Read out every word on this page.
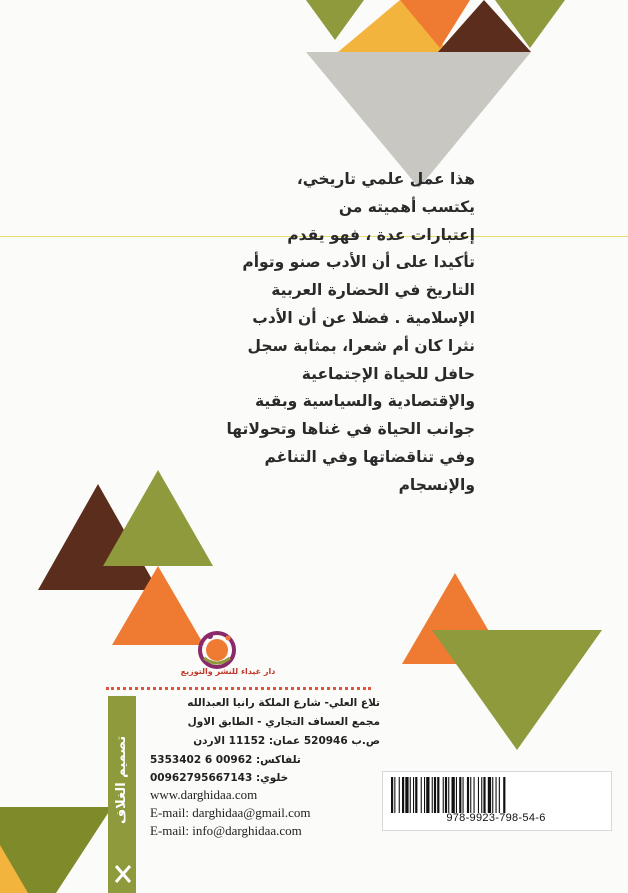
هذا عمل علمي تاريخي،
يكتسب أهميته من
إعتبارات عدة ، فهو يقدم
تأكيدا على أن الأدب صنو وتوأم
التاريخ في الحضارة العربية
الإسلامية . فضلا عن أن الأدب
نثرا كان أم شعرا، بمثابة سجل
حافل للحياة الإجتماعية
والإقتصادية والسياسية وبقية
جوانب الحياة في غناها وتحولاتها
وفي تناقضاتها وفي التناغم
والإنسجام
دار غيداء للنشر والتوزيع
تصميم الغلاف
تلاع العلي- شارع الملكة رانيا العبدالله
مجمع العساف التجاري - الطابق الاول
ص.ب 520946 عمان: 11152 الاردن
تلفاكس: 00962 6 5353402
خلوي: 00962795667143
www.darghidaa.com
E-mail: darghidaa@gmail.com
E-mail: info@darghidaa.com
978-9923-798-54-6
